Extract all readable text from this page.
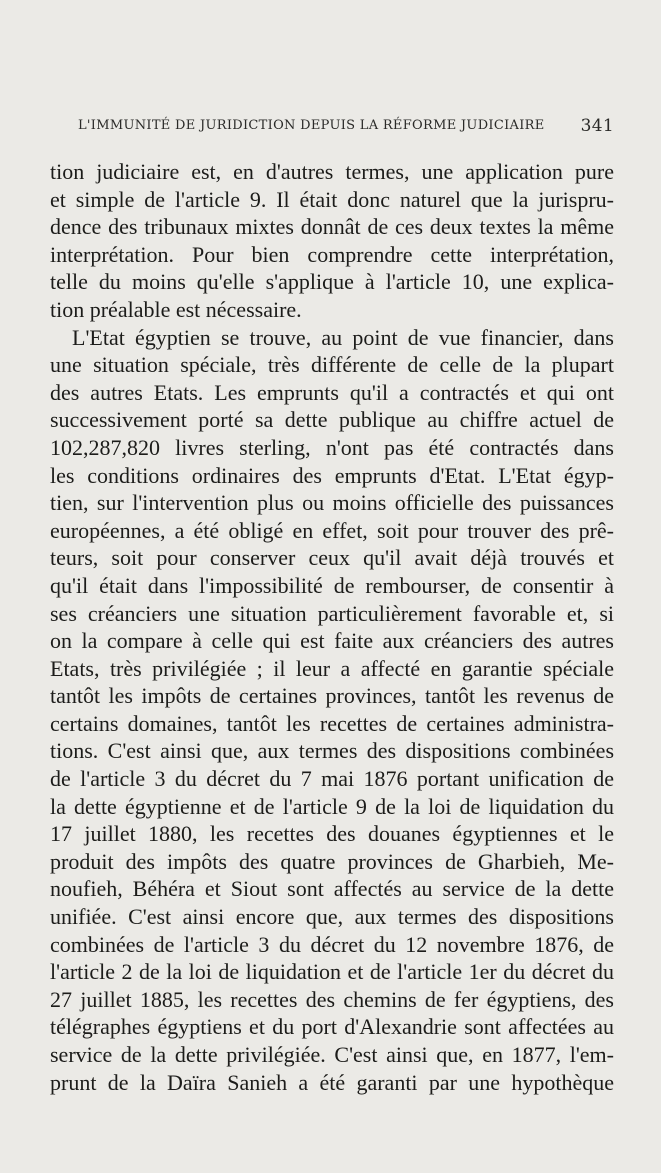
L'IMMUNITÉ DE JURIDICTION DEPUIS LA RÉFORME JUDICIAIRE 341
tion judiciaire est, en d'autres termes, une application pure
et simple de l'article 9. Il était donc naturel que la jurispru-
dence des tribunaux mixtes donnât de ces deux textes la même
interprétation. Pour bien comprendre cette interprétation,
telle du moins qu'elle s'applique à l'article 10, une explica-
tion préalable est nécessaire.
L'Etat égyptien se trouve, au point de vue financier, dans
une situation spéciale, très différente de celle de la plupart
des autres Etats. Les emprunts qu'il a contractés et qui ont
successivement porté sa dette publique au chiffre actuel de
102,287,820 livres sterling, n'ont pas été contractés dans
les conditions ordinaires des emprunts d'Etat. L'Etat égyp-
tien, sur l'intervention plus ou moins officielle des puissances
européennes, a été obligé en effet, soit pour trouver des prê-
teurs, soit pour conserver ceux qu'il avait déjà trouvés et
qu'il était dans l'impossibilité de rembourser, de consentir à
ses créanciers une situation particulièrement favorable et, si
on la compare à celle qui est faite aux créanciers des autres
Etats, très privilégiée ; il leur a affecté en garantie spéciale
tantôt les impôts de certaines provinces, tantôt les revenus de
certains domaines, tantôt les recettes de certaines administra-
tions. C'est ainsi que, aux termes des dispositions combinées
de l'article 3 du décret du 7 mai 1876 portant unification de
la dette égyptienne et de l'article 9 de la loi de liquidation du
17 juillet 1880, les recettes des douanes égyptiennes et le
produit des impôts des quatre provinces de Gharbieh, Me-
noufieh, Béhéra et Siout sont affectés au service de la dette
unifiée. C'est ainsi encore que, aux termes des dispositions
combinées de l'article 3 du décret du 12 novembre 1876, de
l'article 2 de la loi de liquidation et de l'article 1er du décret du
27 juillet 1885, les recettes des chemins de fer égyptiens, des
télégraphes égyptiens et du port d'Alexandrie sont affectées au
service de la dette privilégiée. C'est ainsi que, en 1877, l'em-
prunt de la Daïra Sanieh a été garanti par une hypothèque
